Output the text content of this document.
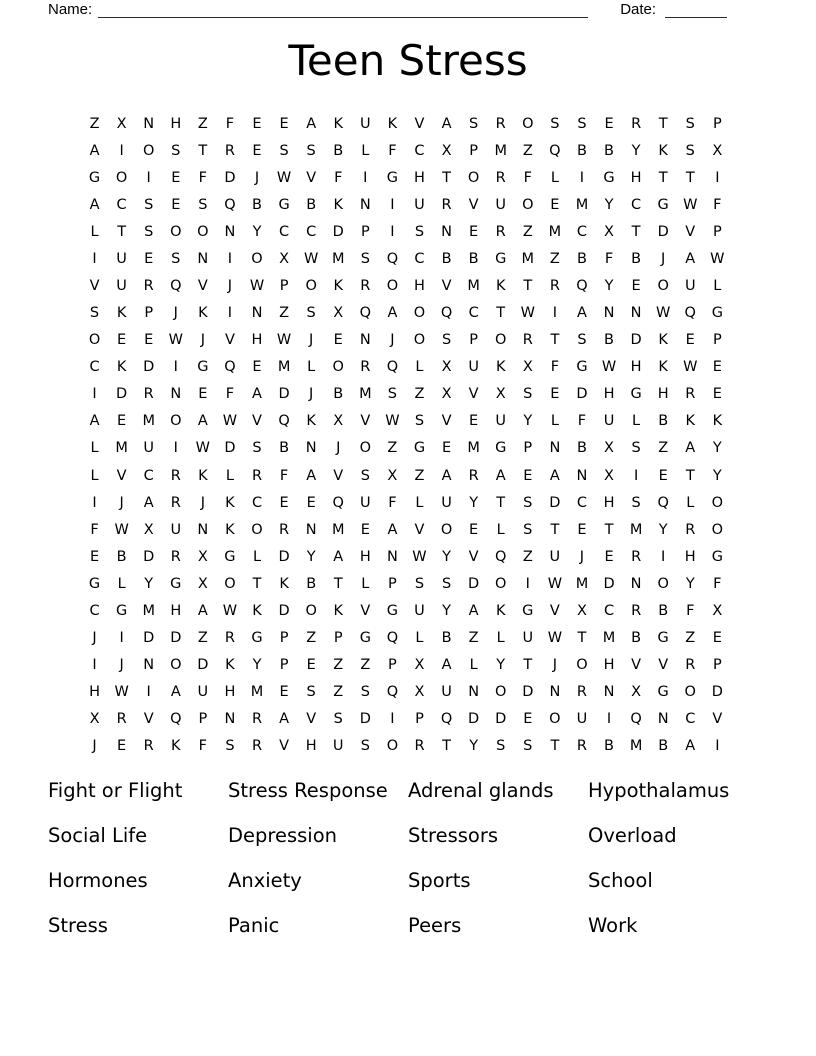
Name:	Date:
Teen Stress
Z	X	N	H	Z	F	E	E	A	K	U	K	V	A	S	R	O	S	S	E	R	T	S	P
A	I	O	S	T	R	E	S	S	B	L	F	C	X	P	M	Z	Q	B	B	Y	K	S	X
G	O	I	E	F	D	J	W	V	F	I	G	H	T	O	R	F	L	I	G	H	T	T	I
A	C	S	E	S	Q	B	G	B	K	N	I	U	R	V	U	O	E	M	Y	C	G W	F
L	T	S	O	O	N	Y	C	C	D	P	I	S	N	E	R	Z	M	C	X	T	D	V	P
I	U	E	S	N	I	O	X	W M	S	Q	C	B	B	G	M	Z	B	F	B	J	A	W
V	U	R	Q	V	J	W	P	O	K	R	O	H	V	M	K	T	R	Q	Y	E	O	U	L
S	K	P	J	K	I	N	Z	S	X	Q	A	O	Q	C	T	W	I	A	N	N W Q	G
O	E	E	W	J	V	H W	J	E	N	J	O	S	P	O	R	T	S	B	D	K	E	P
C	K	D	I	G	Q	E	M	L	O	R	Q	L	X	U	K	X	F	G W H	K	W	E
I	D	R	N	E	F	A	D	J	B	M	S	Z	X	V	X	S	E	D	H	G	H	R	E
A	E	M	O	A	W	V	Q	K	X	V	W	S	V	E	U	Y	L	F	U	L	B	K	K
L	M	U	I	W D	S	B	N	J	O	Z	G	E	M	G	P	N	B	X	S	Z	A	Y
L	V	C	R	K	L	R	F	A	V	S	X	Z	A	R	A	E	A	N	X	I	E	T	Y
I	J	A	R	J	K	C	E	E	Q	U	F	L	U	Y	T	S	D	C	H	S	Q	L	O
F	W	X	U	N	K	O	R	N	M	E	A	V	O	E	L	S	T	E	T	M	Y	R	O
E	B	D	R	X	G	L	D	Y	A	H	N W	Y	V	Q	Z	U	J	E	R	I	H	G
G	L	Y	G	X	O	T	K	B	T	L	P	S	S	D	O	I	W M	D	N	O	Y	F
C	G	M	H	A	W	K	D	O	K	V	G	U	Y	A	K	G	V	X	C	R	B	F	X
J	I	D	D	Z	R	G	P	Z	P	G	Q	L	B	Z	L	U	W	T	M	B	G	Z	E
I	J	N	O	D	K	Y	P	E	Z	Z	P	X	A	L	Y	T	J	O	H	V	V	R	P
H W	I	A	U	H	M	E	S	Z	S	Q	X	U	N	O	D	N	R	N	X	G	O	D
X	R	V	Q	P	N	R	A	V	S	D	I	P	Q	D	D	E	O	U	I	Q	N	C	V
J	E	R	K	F	S	R	V	H	U	S	O	R	T	Y	S	S	T	R	B	M	B	A	I
Fight or Flight	Stress Response	Adrenal glands	Hypothalamus
Social Life	Depression	Stressors	Overload
Hormones	Anxiety	Sports	School
Stress	Panic	Peers	Work
